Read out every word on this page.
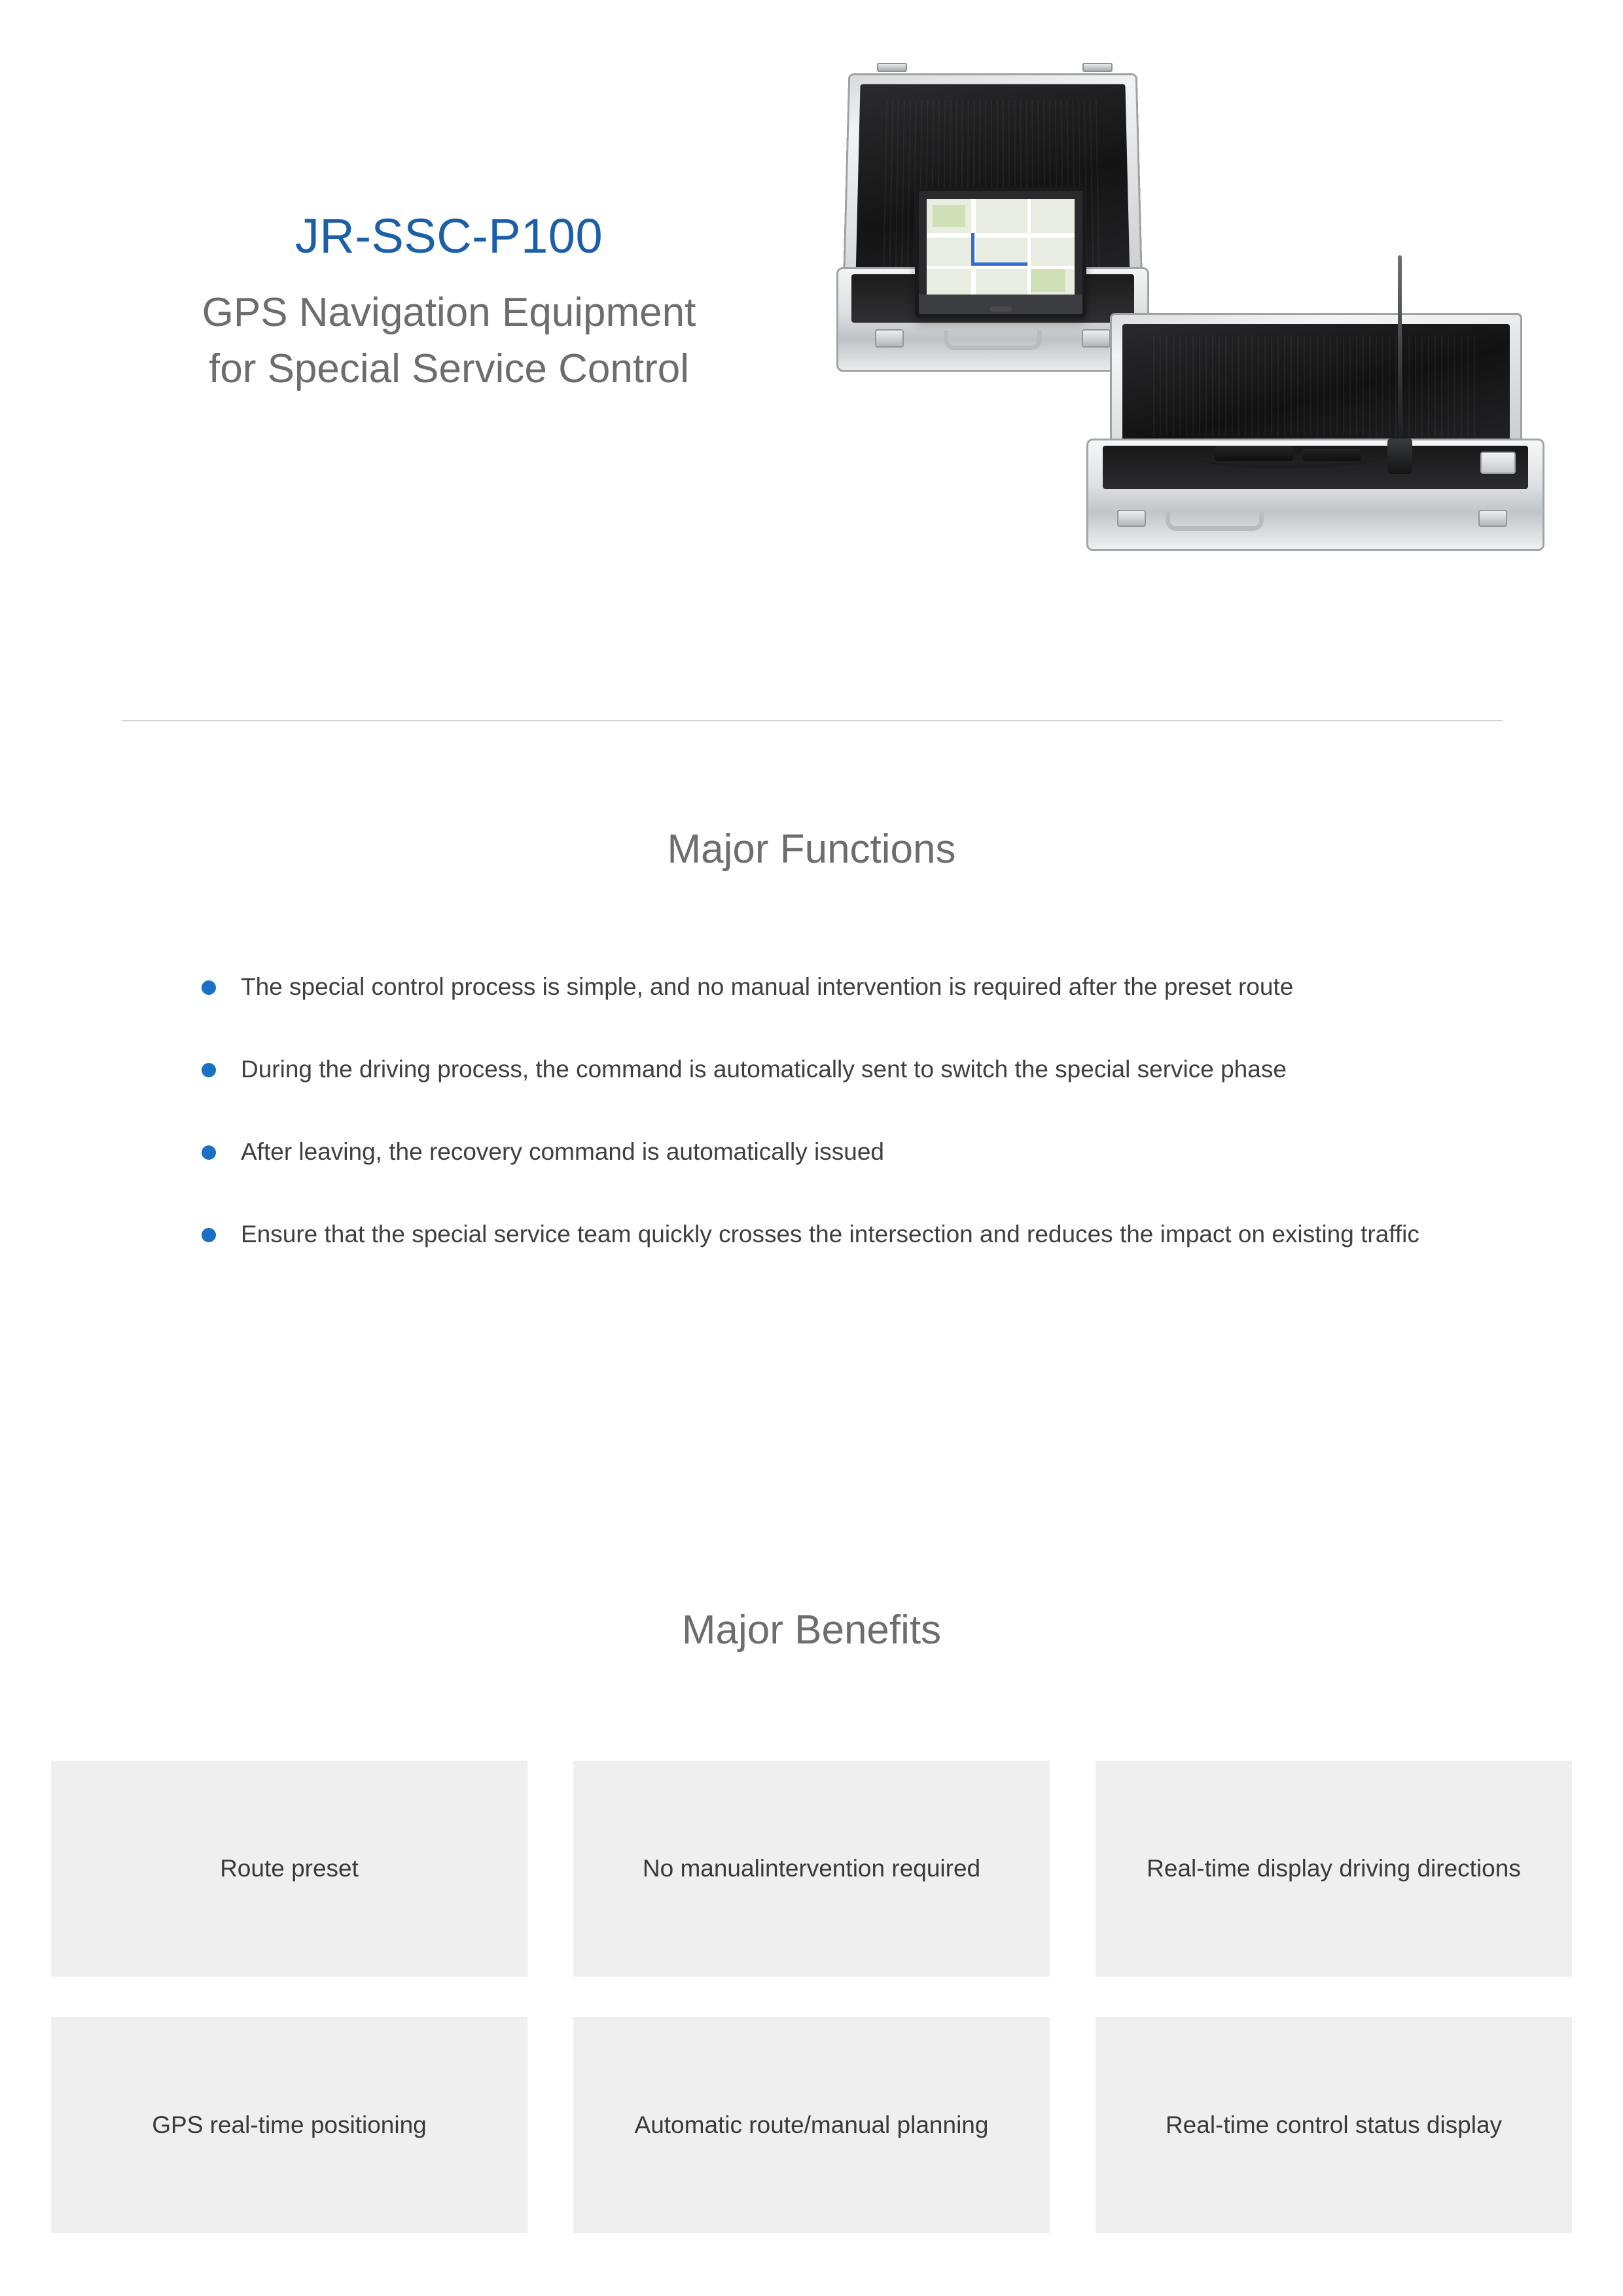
JR-SSC-P100
GPS Navigation Equipment
for Special Service Control
Major Functions
The special control process is simple, and no manual intervention is required after the preset route
During the driving process, the command is automatically sent to switch the special service phase
After leaving, the recovery command is automatically issued
Ensure that the special service team quickly crosses the intersection and reduces the impact on existing traffic
Major Benefits
Route preset	No manualintervention required	Real-time display driving directions
GPS real-time positioning	Automatic route/manual planning	Real-time control status display
